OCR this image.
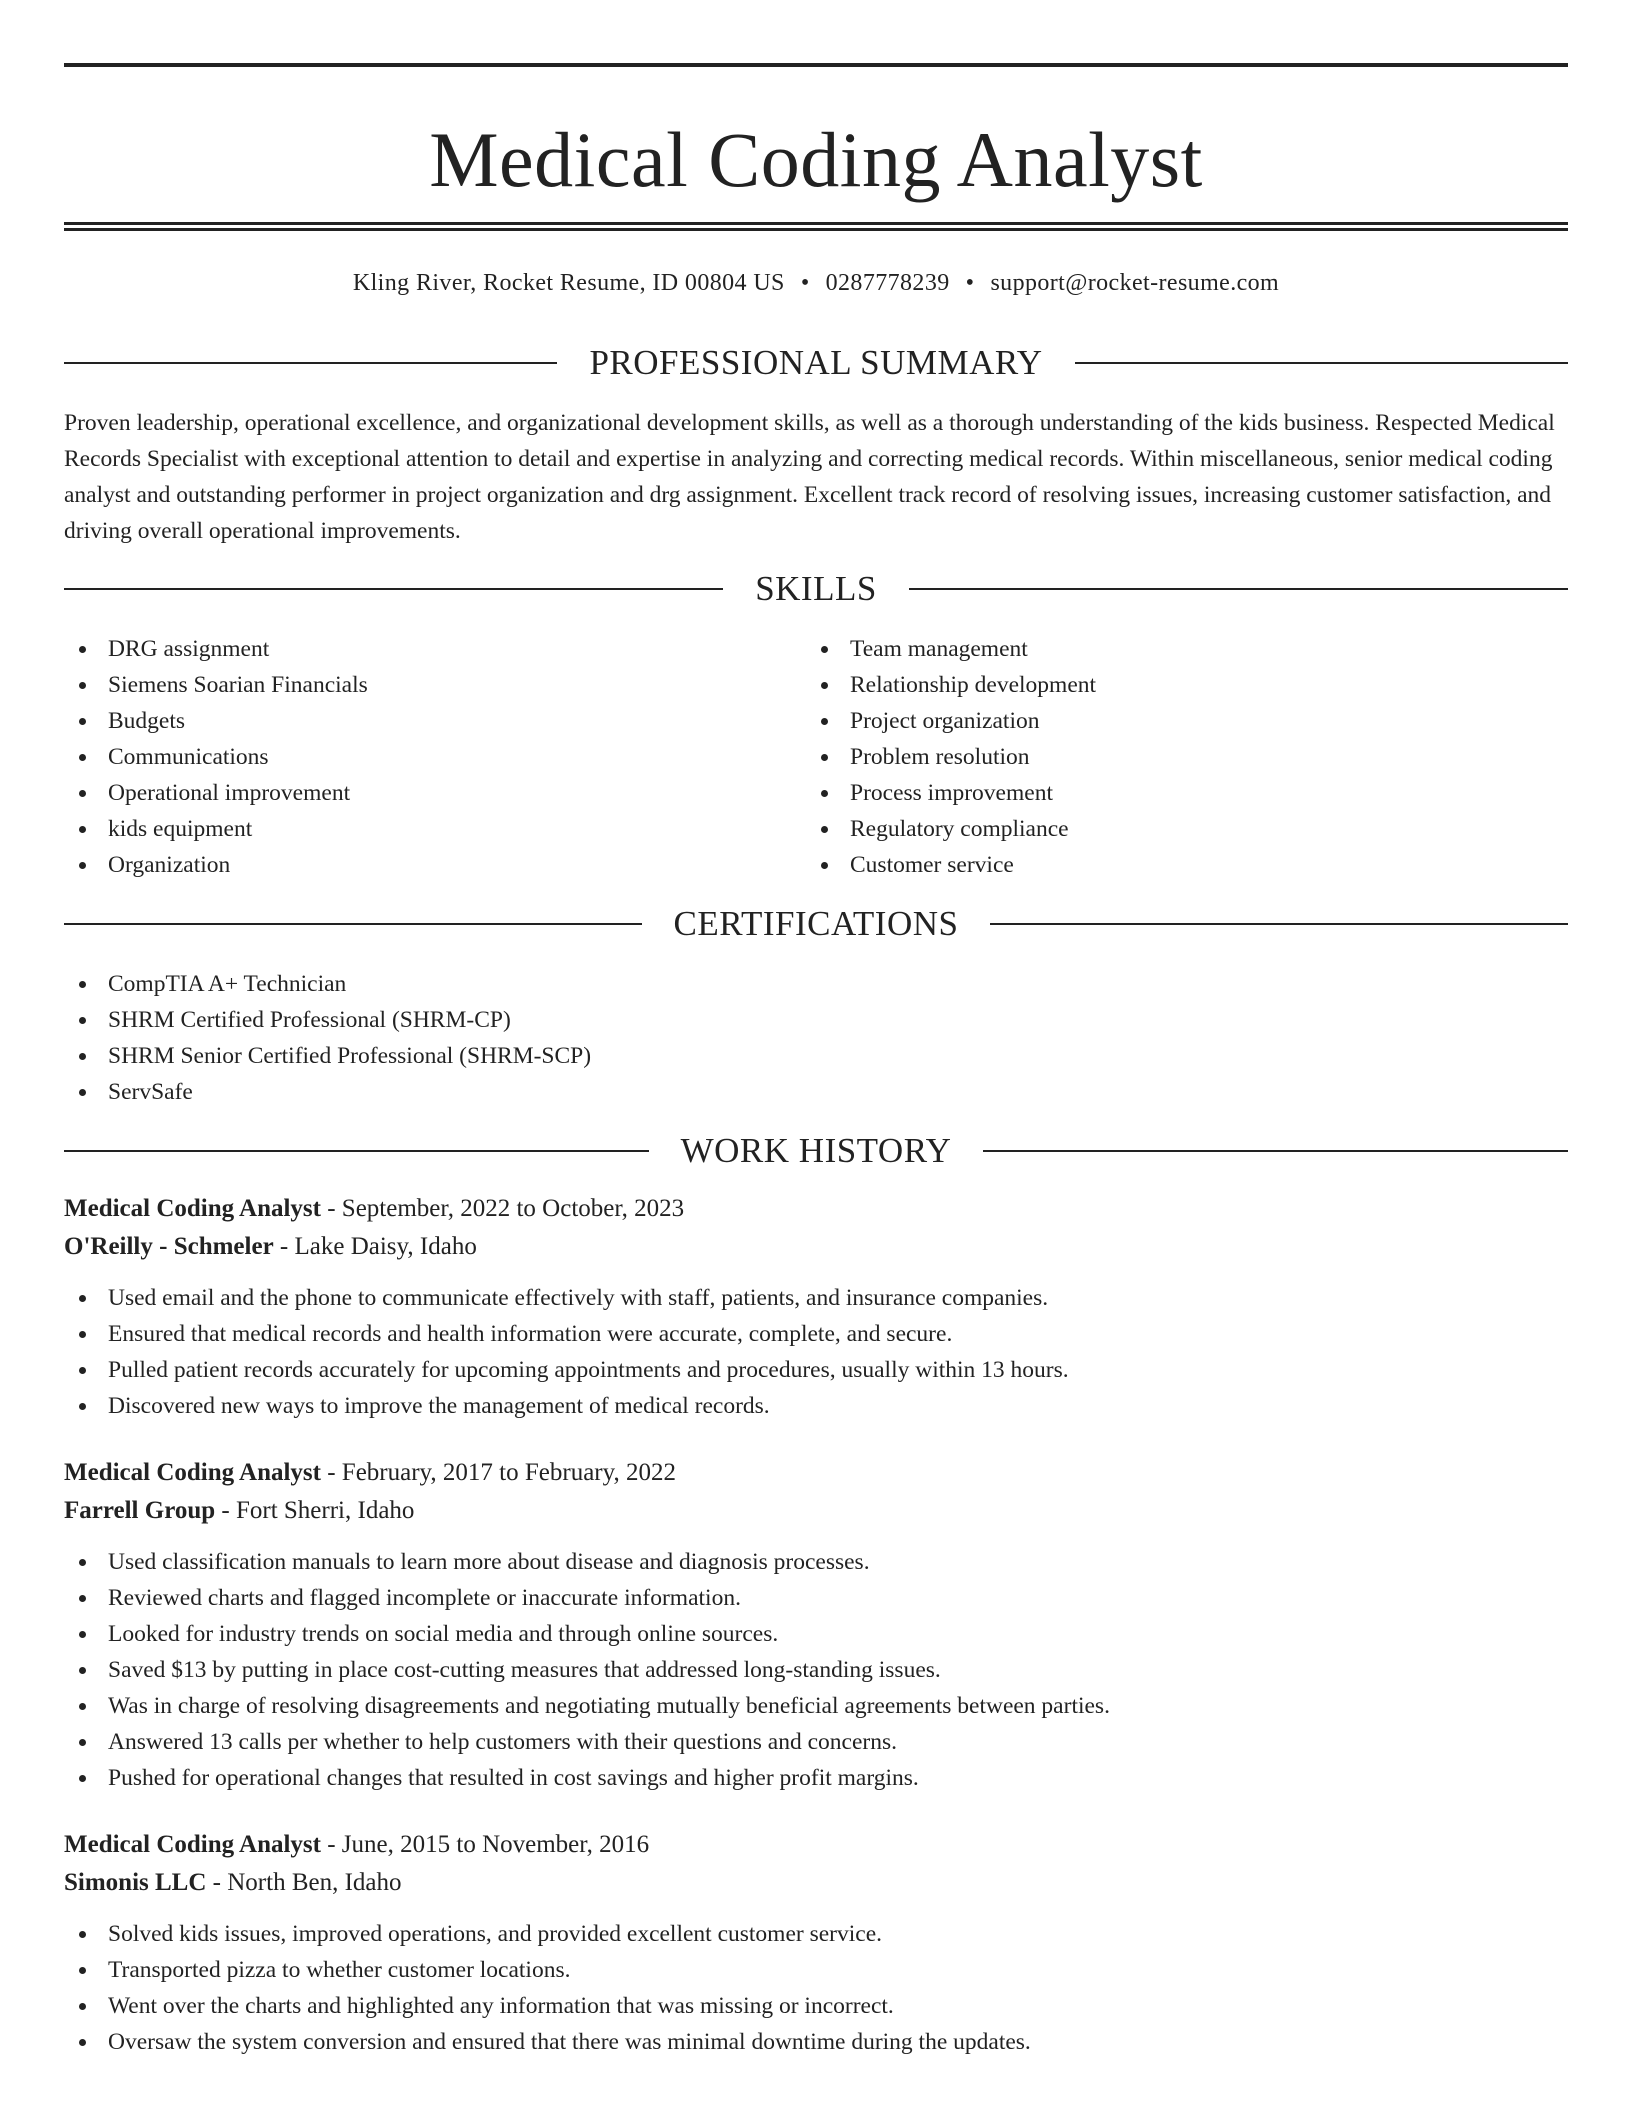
Medical Coding Analyst
Kling River, Rocket Resume, ID 00804 US • 0287778239 • support@rocket-resume.com
PROFESSIONAL SUMMARY

Proven leadership, operational excellence, and organizational development skills, as well as a thorough understanding of the kids business. Respected Medical Records Specialist with exceptional attention to detail and expertise in analyzing and correcting medical records. Within miscellaneous, senior medical coding analyst and outstanding performer in project organization and drg assignment. Excellent track record of resolving issues, increasing customer satisfaction, and driving overall operational improvements.

SKILLS
DRG assignment
Siemens Soarian Financials
Budgets
Communications
Operational improvement
kids equipment
Organization
Team management
Relationship development
Project organization
Problem resolution
Process improvement
Regulatory compliance
Customer service
CERTIFICATIONS
CompTIA A+ Technician
SHRM Certified Professional (SHRM-CP)
SHRM Senior Certified Professional (SHRM-SCP)
ServSafe
WORK HISTORY
Medical Coding Analyst - September, 2022 to October, 2023
O'Reilly - Schmeler - Lake Daisy, Idaho
Used email and the phone to communicate effectively with staff, patients, and insurance companies.
Ensured that medical records and health information were accurate, complete, and secure.
Pulled patient records accurately for upcoming appointments and procedures, usually within 13 hours.
Discovered new ways to improve the management of medical records.
Medical Coding Analyst - February, 2017 to February, 2022
Farrell Group - Fort Sherri, Idaho
Used classification manuals to learn more about disease and diagnosis processes.
Reviewed charts and flagged incomplete or inaccurate information.
Looked for industry trends on social media and through online sources.
Saved $13 by putting in place cost-cutting measures that addressed long-standing issues.
Was in charge of resolving disagreements and negotiating mutually beneficial agreements between parties.
Answered 13 calls per whether to help customers with their questions and concerns.
Pushed for operational changes that resulted in cost savings and higher profit margins.
Medical Coding Analyst - June, 2015 to November, 2016
Simonis LLC - North Ben, Idaho
Solved kids issues, improved operations, and provided excellent customer service.
Transported pizza to whether customer locations.
Went over the charts and highlighted any information that was missing or incorrect.
Oversaw the system conversion and ensured that there was minimal downtime during the updates.
